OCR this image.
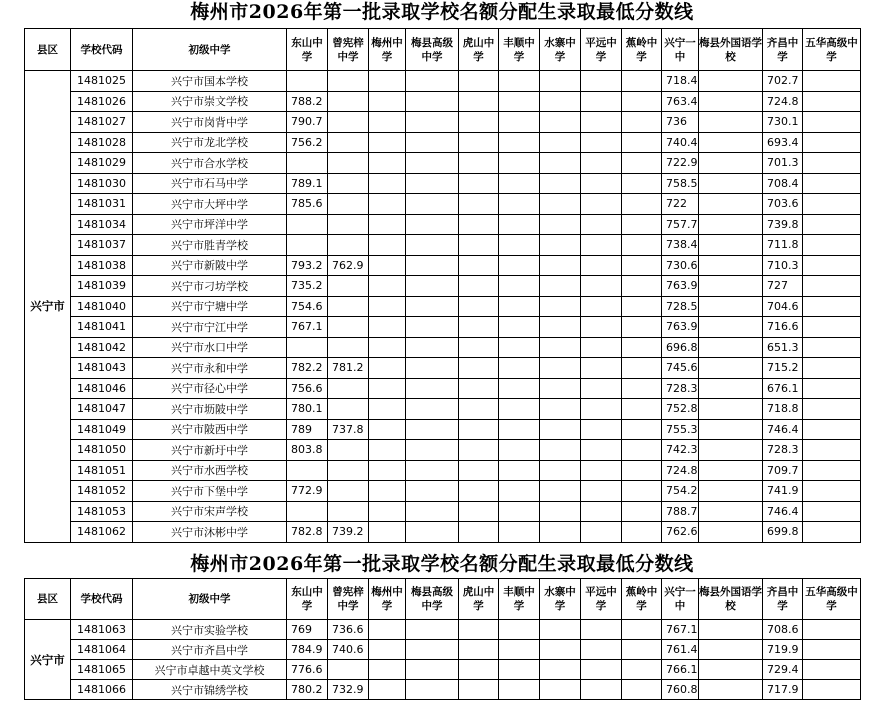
梅州市2026年第一批录取学校名额分配生录取最低分数线
县区	学校代码	初级中学	东山中学	曾宪梓中学	梅州中学	梅县高级中学	虎山中学	丰顺中学	水寨中学	平远中学	蕉岭中学	兴宁一中	梅县外国语学校	齐昌中学	五华高级中学
兴宁市	1481025	兴宁市国本学校										718.4		702.7	
	1481026	兴宁市崇文学校	788.2									763.4		724.8	
	1481027	兴宁市岗背中学	790.7									736		730.1	
	1481028	兴宁市龙北学校	756.2									740.4		693.4	
	1481029	兴宁市合水学校										722.9		701.3	
	1481030	兴宁市石马中学	789.1									758.5		708.4	
	1481031	兴宁市大坪中学	785.6									722		703.6	
	1481034	兴宁市坪洋中学										757.7		739.8	
	1481037	兴宁市胜青学校										738.4		711.8	
	1481038	兴宁市新陂中学	793.2	762.9								730.6		710.3	
	1481039	兴宁市刁坊学校	735.2									763.9		727	
	1481040	兴宁市宁塘中学	754.6									728.5		704.6	
	1481041	兴宁市宁江中学	767.1									763.9		716.6	
	1481042	兴宁市水口中学										696.8		651.3	
	1481043	兴宁市永和中学	782.2	781.2								745.6		715.2	
	1481046	兴宁市径心中学	756.6									728.3		676.1	
	1481047	兴宁市坜陂中学	780.1									752.8		718.8	
	1481049	兴宁市陂西中学	789	737.8								755.3		746.4	
	1481050	兴宁市新圩中学	803.8									742.3		728.3	
	1481051	兴宁市水西学校										724.8		709.7	
	1481052	兴宁市下堡中学	772.9									754.2		741.9	
	1481053	兴宁市宋声学校										788.7		746.4	
	1481062	兴宁市沐彬中学	782.8	739.2								762.6		699.8	
梅州市2026年第一批录取学校名额分配生录取最低分数线
县区	学校代码	初级中学	东山中学	曾宪梓中学	梅州中学	梅县高级中学	虎山中学	丰顺中学	水寨中学	平远中学	蕉岭中学	兴宁一中	梅县外国语学校	齐昌中学	五华高级中学
兴宁市	1481063	兴宁市实验学校	769	736.6								767.1		708.6	
	1481064	兴宁市齐昌中学	784.9	740.6								761.4		719.9	
	1481065	兴宁市卓越中英文学校	776.6									766.1		729.4	
	1481066	兴宁市锦绣学校	780.2	732.9								760.8		717.9	
